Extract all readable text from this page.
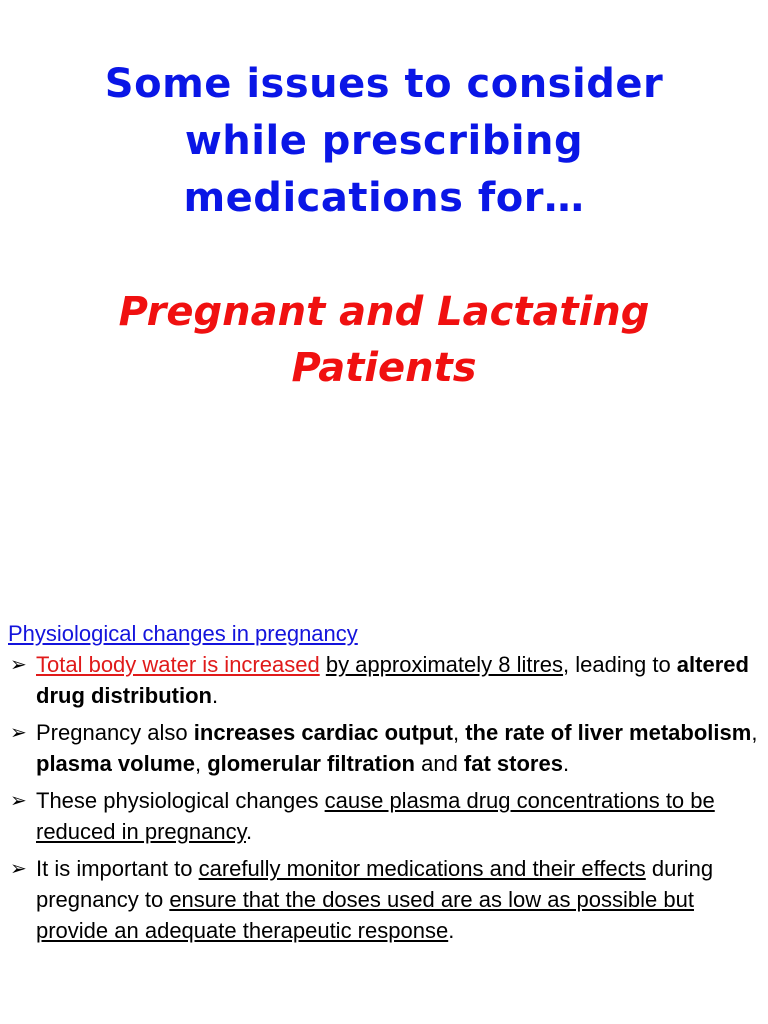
Some issues to consider
while prescribing
medications for…
Pregnant and Lactating
Patients
Physiological changes in pregnancy
➢ Total body water is increased by approximately 8 litres, leading to altered drug distribution.
➢ Pregnancy also increases cardiac output, the rate of liver metabolism, plasma volume, glomerular filtration and fat stores.
➢ These physiological changes cause plasma drug concentrations to be reduced in pregnancy.
➢ It is important to carefully monitor medications and their effects during pregnancy to ensure that the doses used are as low as possible but provide an adequate therapeutic response.
